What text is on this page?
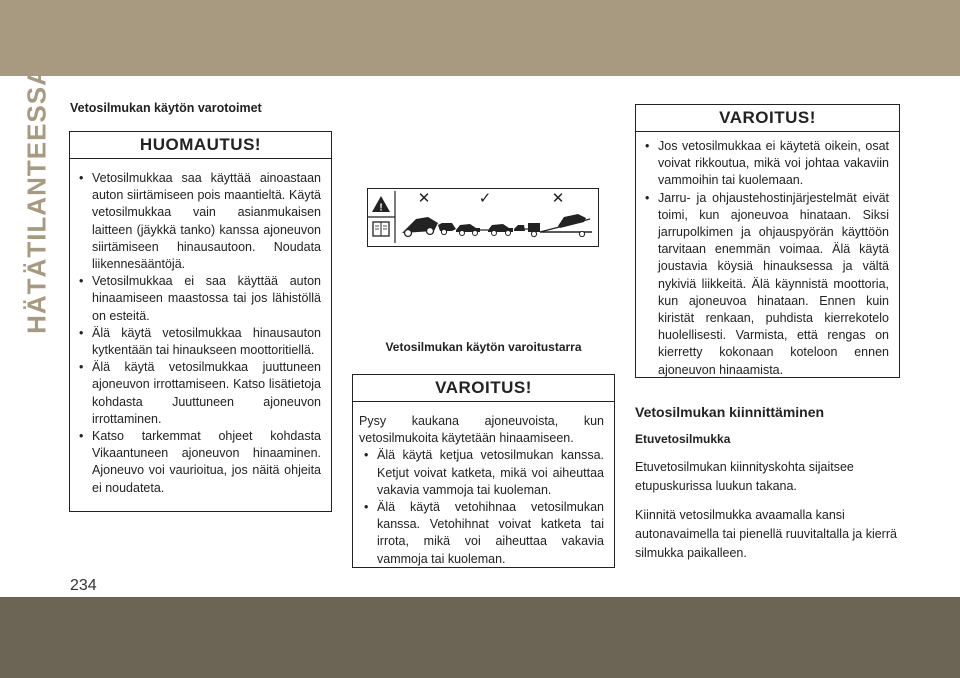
HÄTÄTILANTEESSA Vetosilmukan käytön varotoimet
HUOMAUTUS!
• Vetosilmukkaa saa käyttää ainoastaan auton siirtämiseen pois maantieltä. Käytä vetosilmukkaa vain asianmukaisen laitteen (jäykkä tanko) kanssa ajoneuvon siirtämiseen hinausautoon. Noudata liikennesääntöjä.
• Vetosilmukkaa ei saa käyttää auton hinaamiseen maastossa tai jos lähistöllä on esteitä.
• Älä käytä vetosilmukkaa hinausauton kytkentään tai hinaukseen moottoritiellä.
• Älä käytä vetosilmukkaa juuttuneen ajoneuvon irrottamiseen. Katso lisätietoja kohdasta Juuttuneen ajoneuvon irrottaminen.
• Katso tarkemmat ohjeet kohdasta Vikaantuneen ajoneuvon hinaaminen. Ajoneuvo voi vaurioitua, jos näitä ohjeita ei noudateta.
!
✕	✓	✕
Vetosilmukan käytön varoitustarra
VAROITUS!

Pysy kaukana ajoneuvoista, kun vetosilmukoita käytetään hinaamiseen.

• Älä käytä ketjua vetosilmukan kanssa. Ketjut voivat katketa, mikä voi aiheuttaa vakavia vammoja tai kuoleman.
• Älä käytä vetohihnaa vetosilmukan kanssa. Vetohihnat voivat katketa tai irrota, mikä voi aiheuttaa vakavia vammoja tai kuoleman.
VAROITUS!
• Jos vetosilmukkaa ei käytetä oikein, osat voivat rikkoutua, mikä voi johtaa vakaviin vammoihin tai kuolemaan.
• Jarru- ja ohjaustehostinjärjestelmät eivät toimi, kun ajoneuvoa hinataan. Siksi jarrupolkimen ja ohjauspyörän käyttöön tarvitaan enemmän voimaa. Älä käytä joustavia köysiä hinauksessa ja vältä nykiviä liikkeitä. Älä käynnistä moottoria, kun ajoneuvoa hinataan. Ennen kuin kiristät renkaan, puhdista kierrekotelo huolellisesti. Varmista, että rengas on kierretty kokonaan koteloon ennen ajoneuvon hinaamista.
Vetosilmukan kiinnittäminen
Etuvetosilmukka

Etuvetosilmukan kiinnityskohta sijaitsee etupuskurissa luukun takana.

Kiinnitä vetosilmukka avaamalla kansi autonavaimella tai pienellä ruuvitaltalla ja kierrä silmukka paikalleen.

234
